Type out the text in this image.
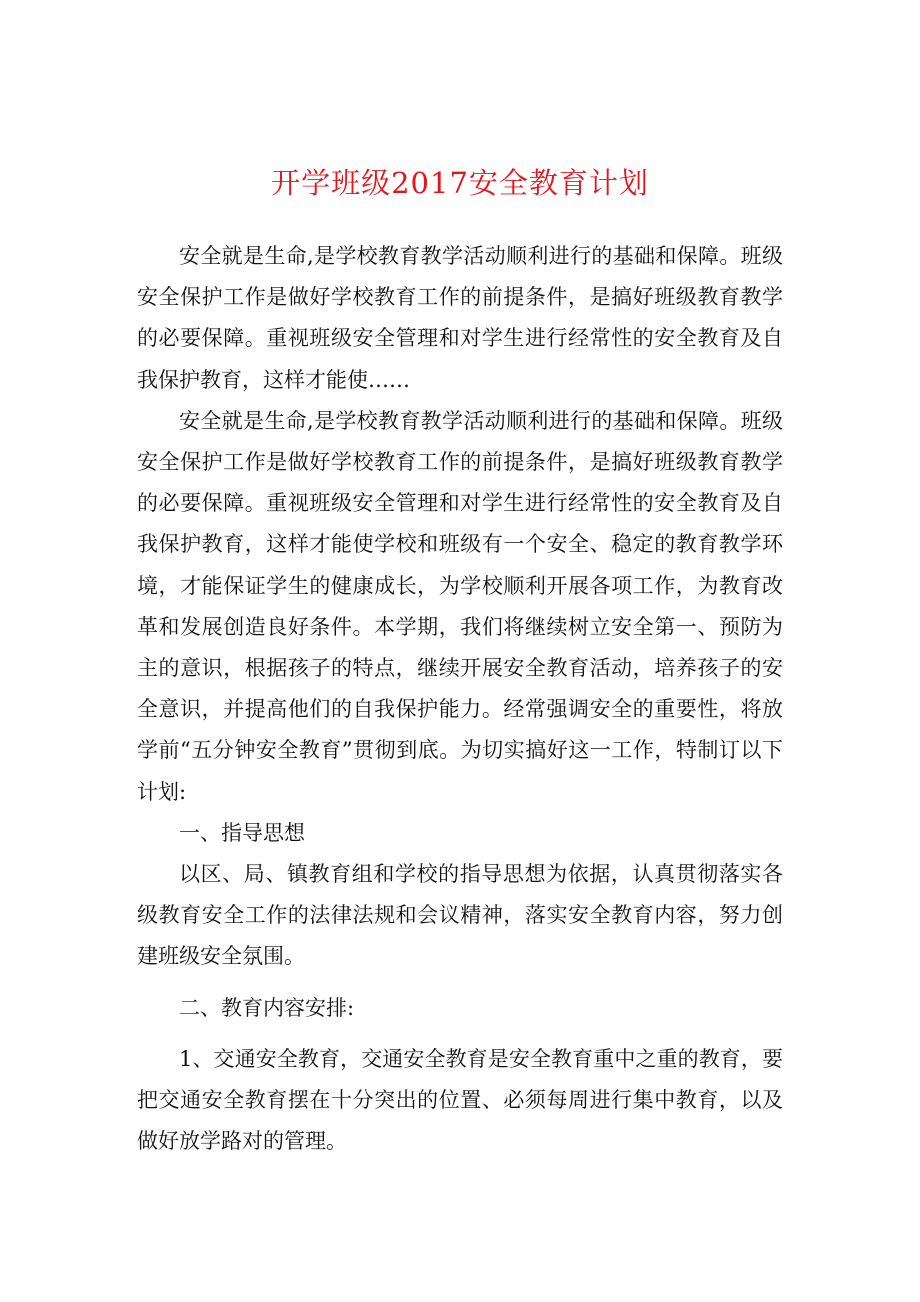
开学班级2017安全教育计划

安全就是生命,是学校教育教学活动顺利进行的基础和保障。班级安全保护工作是做好学校教育工作的前提条件，是搞好班级教育教学的必要保障。重视班级安全管理和对学生进行经常性的安全教育及自我保护教育，这样才能使……

安全就是生命,是学校教育教学活动顺利进行的基础和保障。班级安全保护工作是做好学校教育工作的前提条件，是搞好班级教育教学的必要保障。重视班级安全管理和对学生进行经常性的安全教育及自我保护教育，这样才能使学校和班级有一个安全、稳定的教育教学环境，才能保证学生的健康成长，为学校顺利开展各项工作，为教育改革和发展创造良好条件。本学期，我们将继续树立安全第一、预防为主的意识，根据孩子的特点，继续开展安全教育活动，培养孩子的安全意识，并提高他们的自我保护能力。经常强调安全的重要性，将放学前“五分钟安全教育”贯彻到底。为切实搞好这一工作，特制订以下计划:

一、指导思想

以区、局、镇教育组和学校的指导思想为依据，认真贯彻落实各级教育安全工作的法律法规和会议精神，落实安全教育内容，努力创建班级安全氛围。

二、教育内容安排:

1、交通安全教育，交通安全教育是安全教育重中之重的教育，要把交通安全教育摆在十分突出的位置、必须每周进行集中教育，以及做好放学路对的管理。
